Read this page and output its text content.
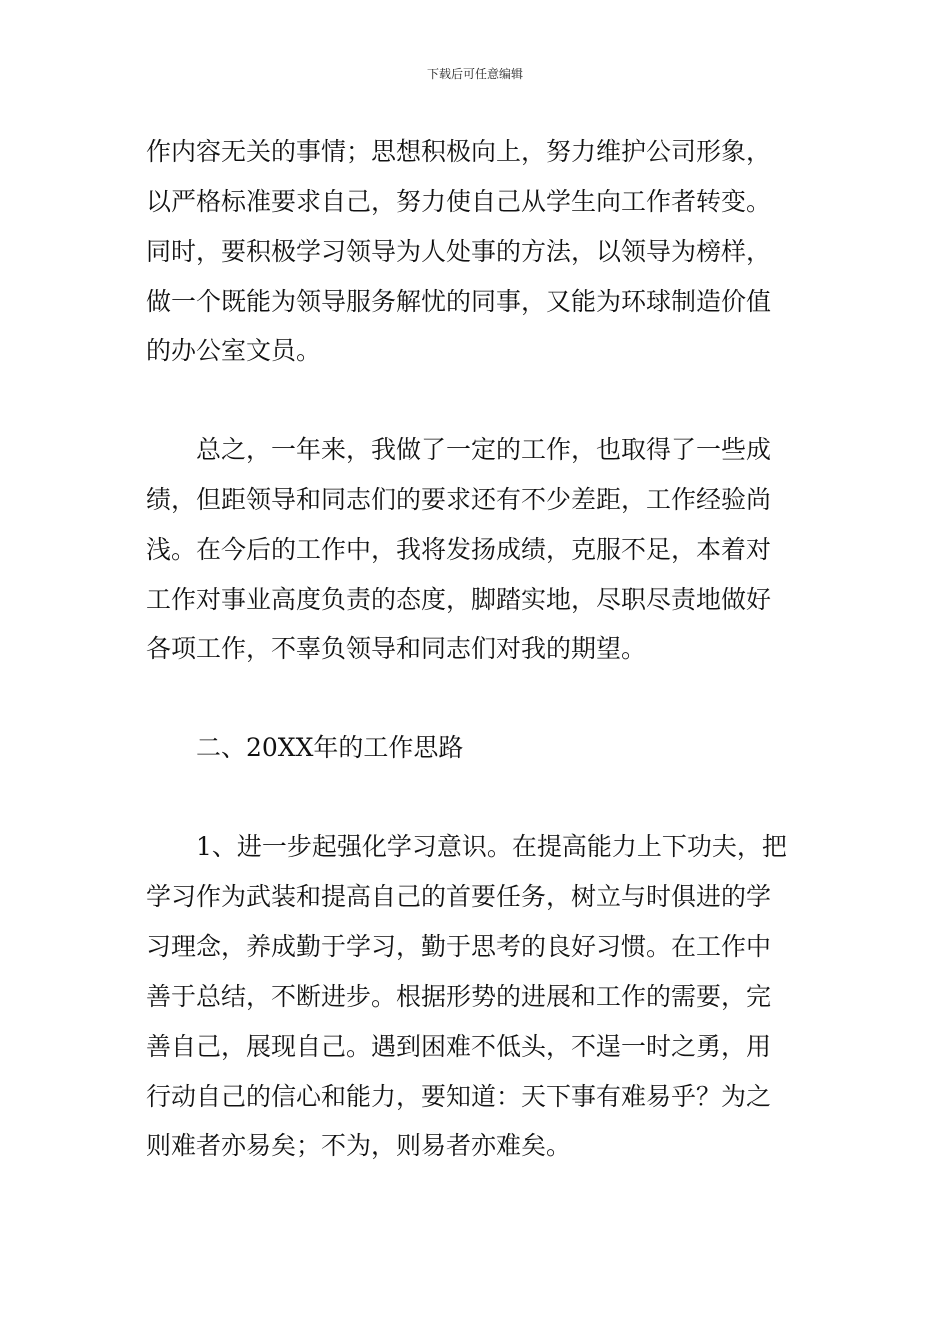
下载后可任意编辑
作内容无关的事情；思想积极向上，努力维护公司形象，
以严格标准要求自己，努力使自己从学生向工作者转变。
同时，要积极学习领导为人处事的方法，以领导为榜样，
做一个既能为领导服务解忧的同事，又能为环球制造价值
的办公室文员。
总之，一年来，我做了一定的工作，也取得了一些成
绩，但距领导和同志们的要求还有不少差距，工作经验尚
浅。在今后的工作中，我将发扬成绩，克服不足，本着对
工作对事业高度负责的态度，脚踏实地，尽职尽责地做好
各项工作，不辜负领导和同志们对我的期望。
二、20XX年的工作思路
1、进一步起强化学习意识。在提高能力上下功夫，把
学习作为武装和提高自己的首要任务，树立与时俱进的学
习理念，养成勤于学习，勤于思考的良好习惯。在工作中
善于总结，不断进步。根据形势的进展和工作的需要，完
善自己，展现自己。遇到困难不低头，不逞一时之勇，用
行动自己的信心和能力，要知道：天下事有难易乎？为之
则难者亦易矣；不为，则易者亦难矣。
